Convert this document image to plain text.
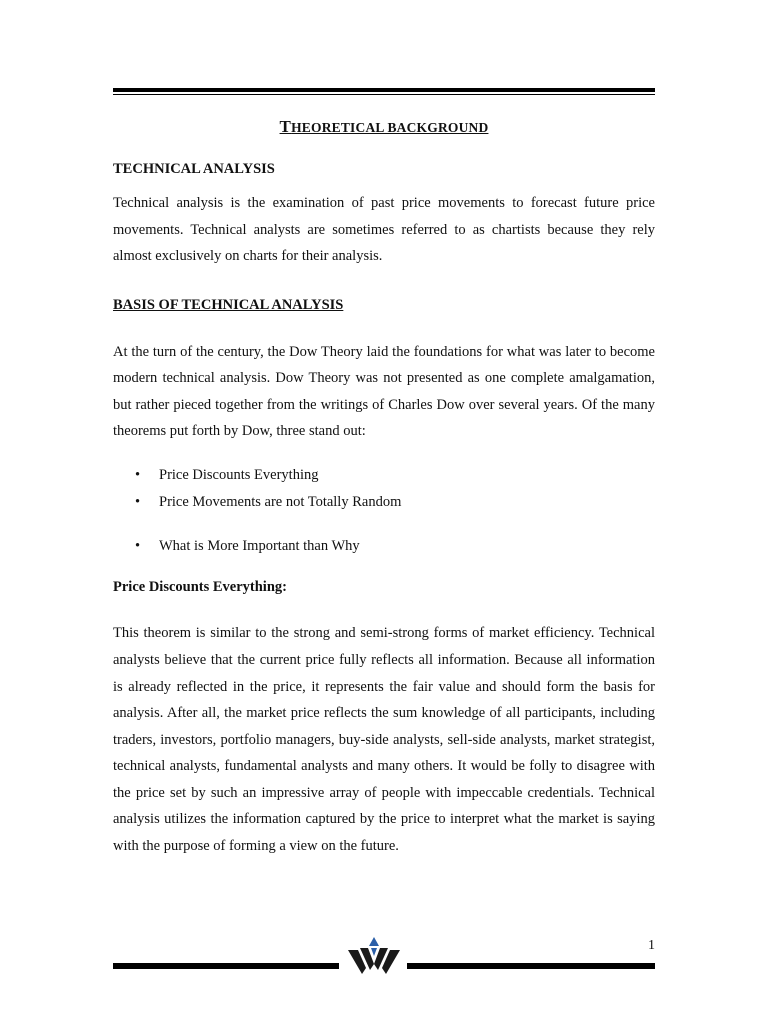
THEORETICAL BACKGROUND
TECHNICAL ANALYSIS

Technical analysis is the examination of past price movements to forecast future price movements. Technical analysts are sometimes referred to as chartists because they rely almost exclusively on charts for their analysis.

BASIS OF TECHNICAL ANALYSIS

At the turn of the century, the Dow Theory laid the foundations for what was later to become modern technical analysis. Dow Theory was not presented as one complete amalgamation, but rather pieced together from the writings of Charles Dow over several years. Of the many theorems put forth by Dow, three stand out:

• Price Discounts Everything
• Price Movements are not Totally Random
• What is More Important than Why
Price Discounts Everything:

This theorem is similar to the strong and semi-strong forms of market efficiency. Technical analysts believe that the current price fully reflects all information. Because all information is already reflected in the price, it represents the fair value and should form the basis for analysis. After all, the market price reflects the sum knowledge of all participants, including traders, investors, portfolio managers, buy-side analysts, sell-side analysts, market strategist, technical analysts, fundamental analysts and many others. It would be folly to disagree with the price set by such an impressive array of people with impeccable credentials. Technical analysis utilizes the information captured by the price to interpret what the market is saying with the purpose of forming a view on the future.

1
